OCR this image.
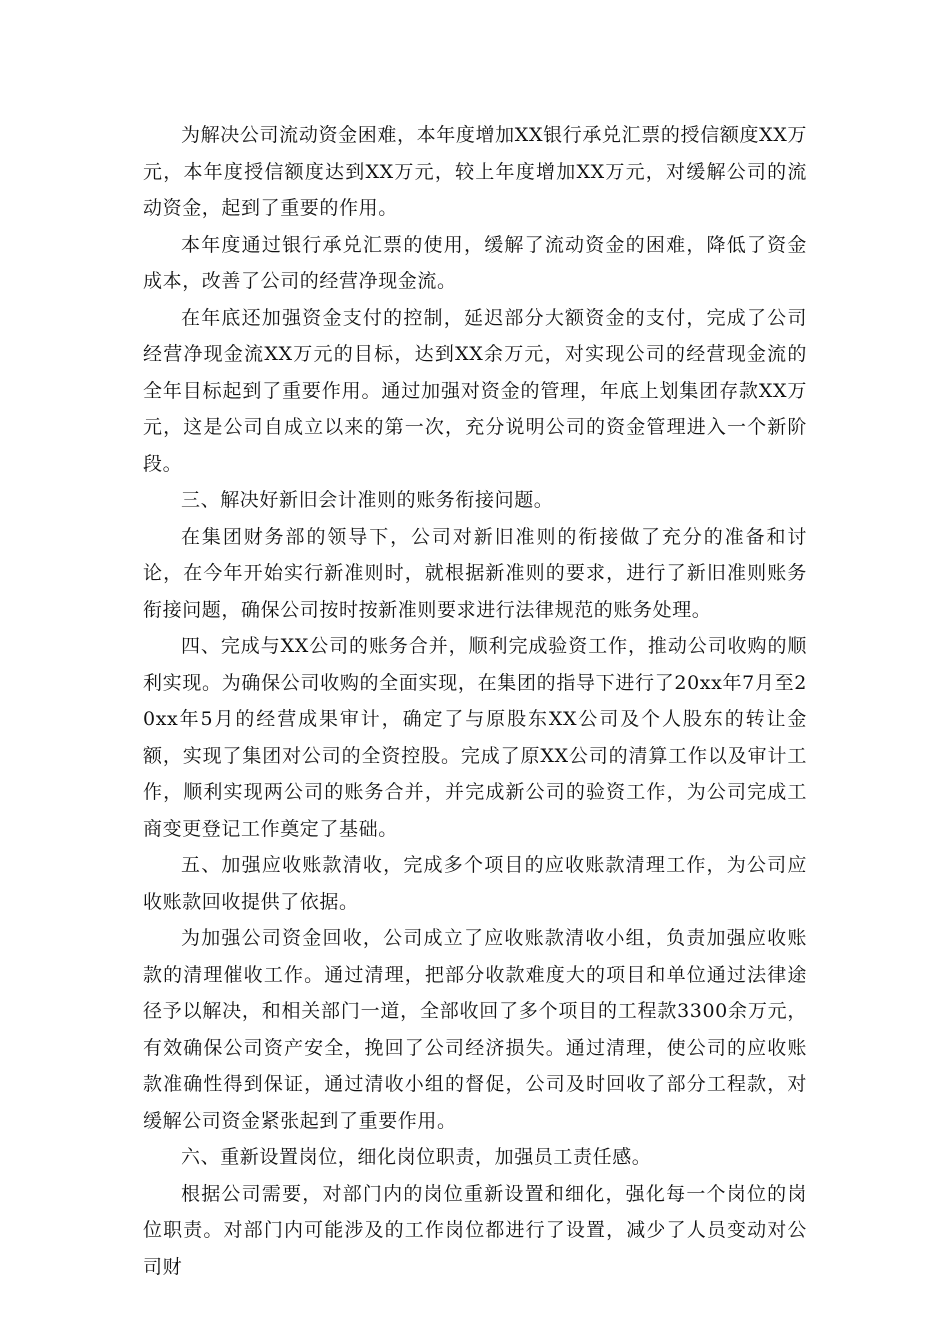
为解决公司流动资金困难，本年度增加XX银行承兑汇票的授信额度XX万元，本年度授信额度达到XX万元，较上年度增加XX万元，对缓解公司的流动资金，起到了重要的作用。

本年度通过银行承兑汇票的使用，缓解了流动资金的困难，降低了资金成本，改善了公司的经营净现金流。

在年底还加强资金支付的控制，延迟部分大额资金的支付，完成了公司经营净现金流XX万元的目标，达到XX余万元，对实现公司的经营现金流的全年目标起到了重要作用。通过加强对资金的管理，年底上划集团存款XX万元，这是公司自成立以来的第一次，充分说明公司的资金管理进入一个新阶段。

三、解决好新旧会计准则的账务衔接问题。

在集团财务部的领导下，公司对新旧准则的衔接做了充分的准备和讨论，在今年开始实行新准则时，就根据新准则的要求，进行了新旧准则账务衔接问题，确保公司按时按新准则要求进行法律规范的账务处理。

四、完成与XX公司的账务合并，顺利完成验资工作，推动公司收购的顺利实现。为确保公司收购的全面实现，在集团的指导下进行了20xx年7月至20xx年5月的经营成果审计，确定了与原股东XX公司及个人股东的转让金额，实现了集团对公司的全资控股。完成了原XX公司的清算工作以及审计工作，顺利实现两公司的账务合并，并完成新公司的验资工作，为公司完成工商变更登记工作奠定了基础。

五、加强应收账款清收，完成多个项目的应收账款清理工作，为公司应收账款回收提供了依据。

为加强公司资金回收，公司成立了应收账款清收小组，负责加强应收账款的清理催收工作。通过清理，把部分收款难度大的项目和单位通过法律途径予以解决，和相关部门一道，全部收回了多个项目的工程款3300余万元，有效确保公司资产安全，挽回了公司经济损失。通过清理，使公司的应收账款准确性得到保证，通过清收小组的督促，公司及时回收了部分工程款，对缓解公司资金紧张起到了重要作用。

六、重新设置岗位，细化岗位职责，加强员工责任感。

根据公司需要，对部门内的岗位重新设置和细化，强化每一个岗位的岗位职责。对部门内可能涉及的工作岗位都进行了设置，减少了人员变动对公司财
